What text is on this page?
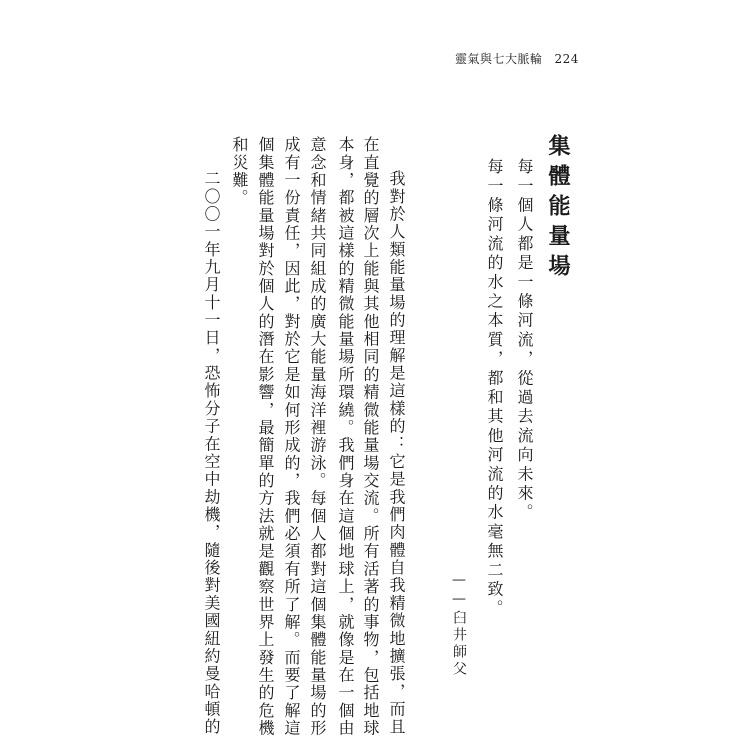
靈氣與七大脈輪 224
集體能量場
每一個人都是一條河流，從過去流向未來。
每一條河流的水之本質，都和其他河流的水毫無二致。
——臼井師父
我對於人類能量場的理解是這樣的：它是我們肉體自我精微地擴張，而且
在直覺的層次上能與其他相同的精微能量場交流。所有活著的事物，包括地球
本身，都被這樣的精微能量場所環繞。我們身在這個地球上，就像是在一個由
意念和情緒共同組成的廣大能量海洋裡游泳。每個人都對這個集體能量場的形
成有一份責任，因此，對於它是如何形成的，我們必須有所了解。而要了解這
個集體能量場對於個人的潛在影響，最簡單的方法就是觀察世界上發生的危機
和災難。
二〇〇一年九月十一日，恐怖分子在空中劫機，隨後對美國紐約曼哈頓的
